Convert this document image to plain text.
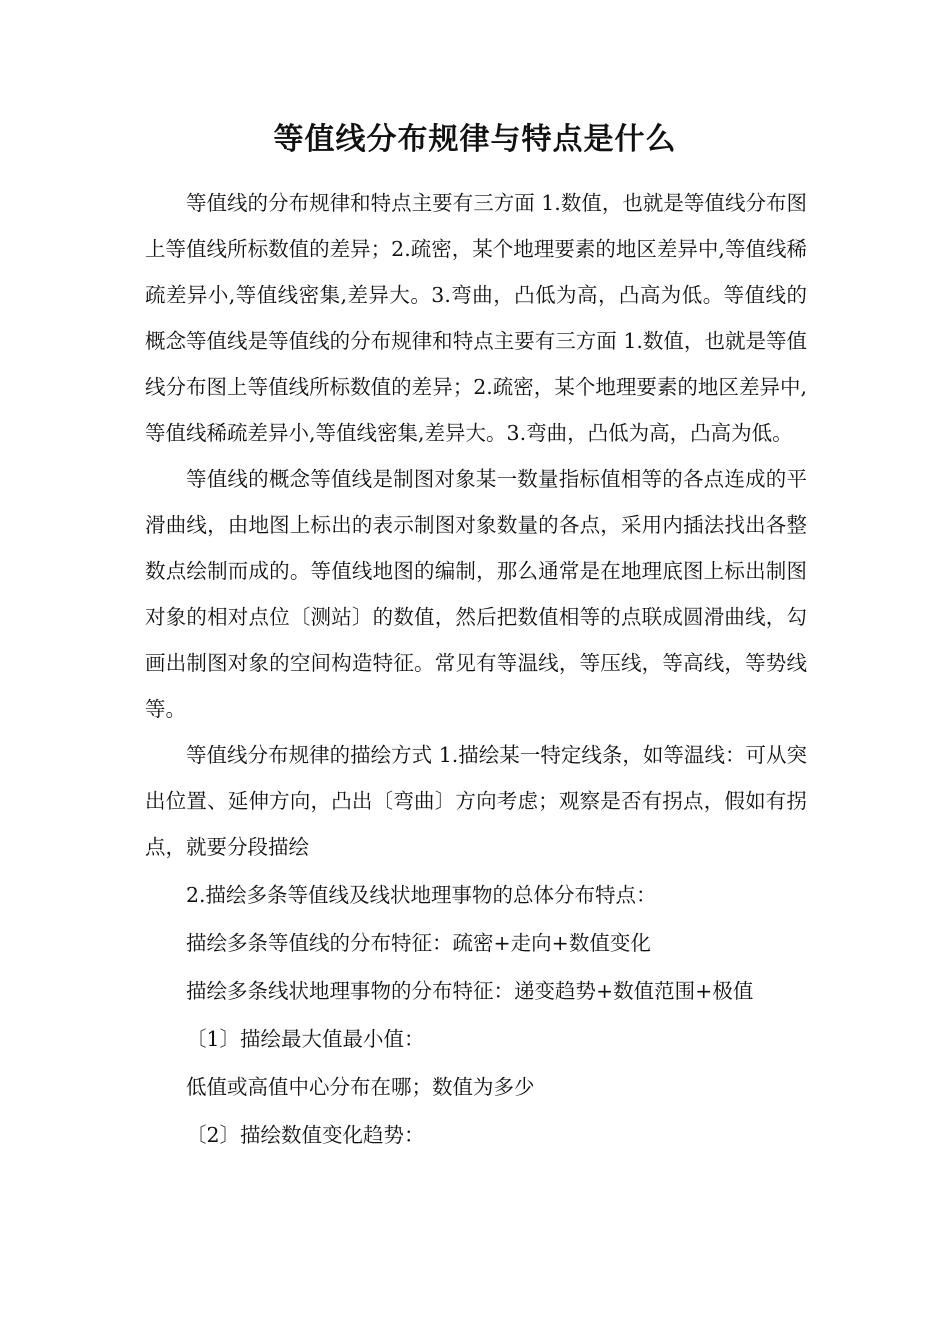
等值线分布规律与特点是什么

等值线的分布规律和特点主要有三方面 1.数值，也就是等值线分布图上等值线所标数值的差异；2.疏密，某个地理要素的地区差异中,等值线稀疏差异小,等值线密集,差异大。3.弯曲，凸低为高，凸高为低。等值线的概念等值线是等值线的分布规律和特点主要有三方面 1.数值，也就是等值线分布图上等值线所标数值的差异；2.疏密，某个地理要素的地区差异中,等值线稀疏差异小,等值线密集,差异大。3.弯曲，凸低为高，凸高为低。

等值线的概念等值线是制图对象某一数量指标值相等的各点连成的平滑曲线，由地图上标出的表示制图对象数量的各点，采用内插法找出各整数点绘制而成的。等值线地图的编制，那么通常是在地理底图上标出制图对象的相对点位〔测站〕的数值，然后把数值相等的点联成圆滑曲线，勾画出制图对象的空间构造特征。常见有等温线，等压线，等高线，等势线等。

等值线分布规律的描绘方式 1.描绘某一特定线条，如等温线：可从突出位置、延伸方向，凸出〔弯曲〕方向考虑；观察是否有拐点，假如有拐点，就要分段描绘

2.描绘多条等值线及线状地理事物的总体分布特点：

描绘多条等值线的分布特征：疏密+走向+数值变化

描绘多条线状地理事物的分布特征：递变趋势+数值范围+极值

〔1〕描绘最大值最小值：

低值或高值中心分布在哪；数值为多少

〔2〕描绘数值变化趋势：
